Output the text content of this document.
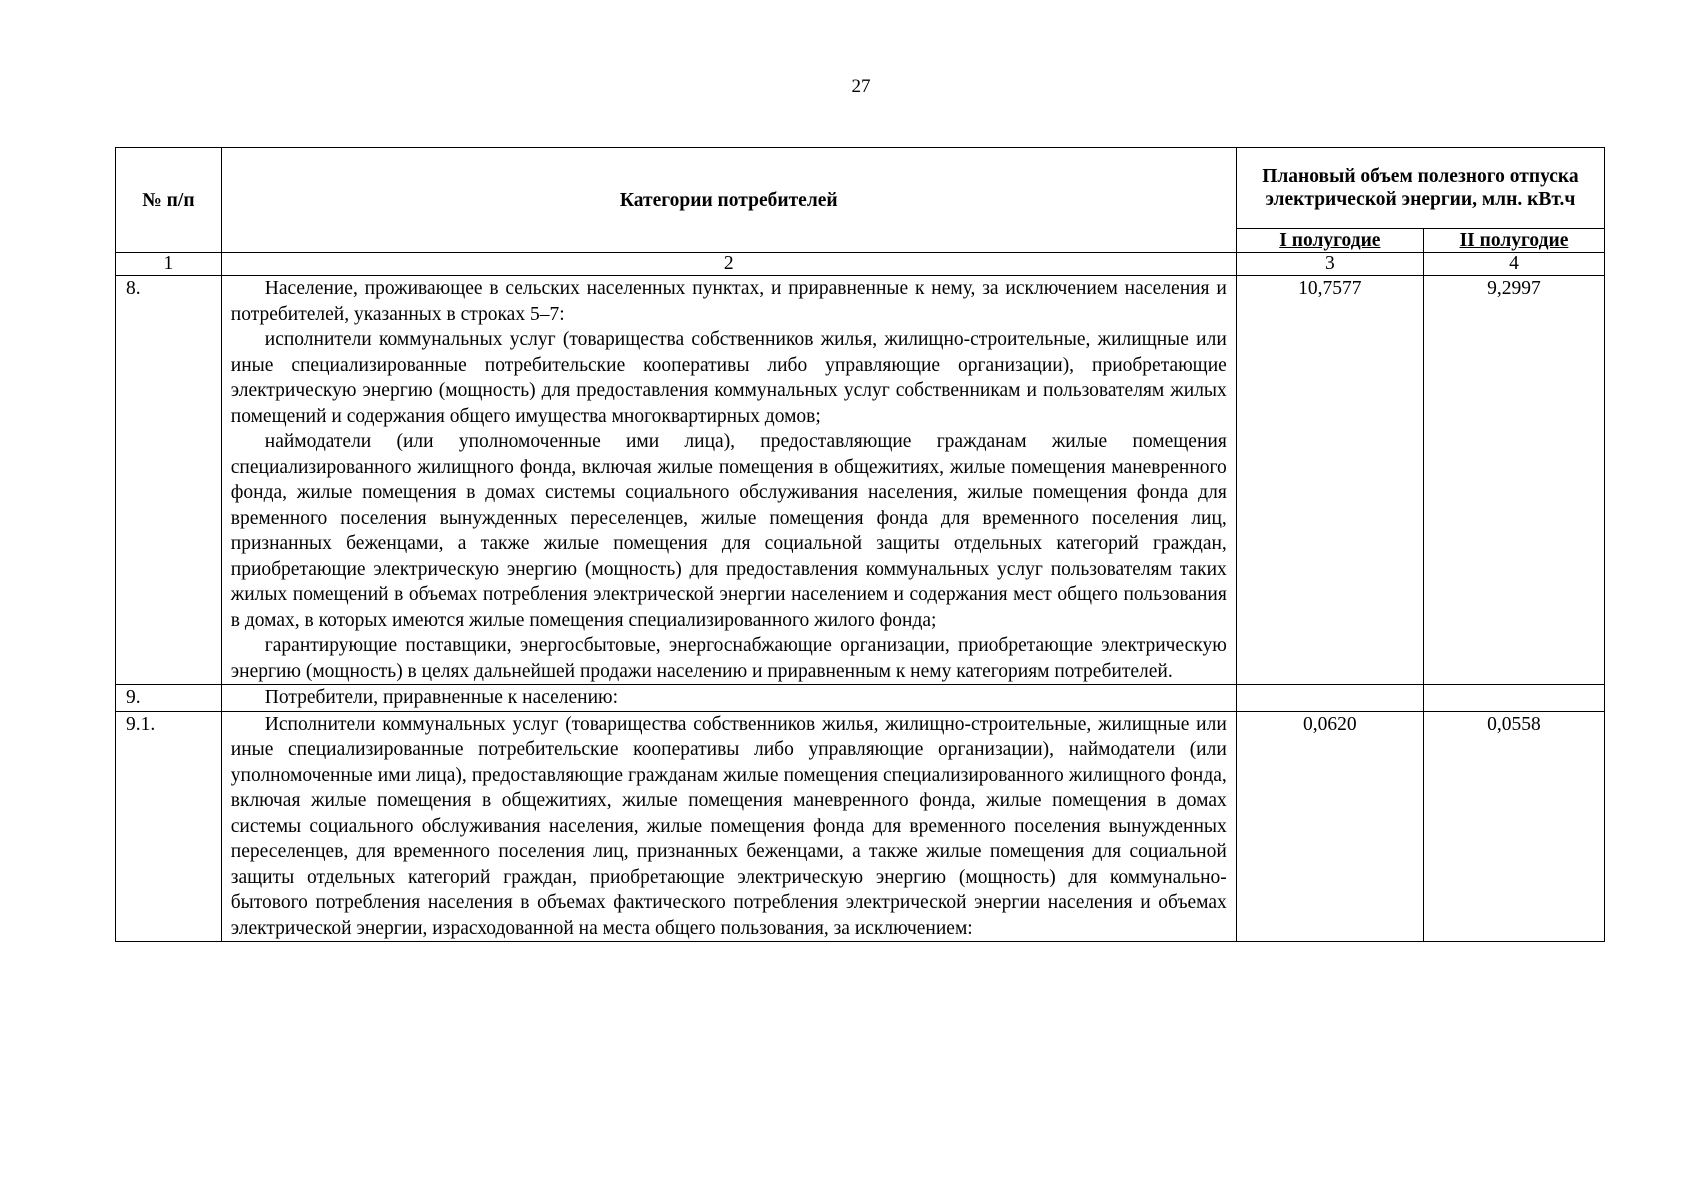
27
№ п/п	Категории потребителей	Плановый объем полезного отпуска электрической энергии, млн. кВт.ч	
		I полугодие	II полугодие
1	2	3	4
8.	Население, проживающее в сельских населенных пунктах, и приравненные к нему, за исключением населения и потребителей, указанных в строках 5–7:

исполнители коммунальных услуг (товарищества собственников жилья, жилищно-строительные, жилищные или иные специализированные потребительские кооперативы либо управляющие организации), приобретающие электрическую энергию (мощность) для предоставления коммунальных услуг собственникам и пользователям жилых помещений и содержания общего имущества многоквартирных домов;

наймодатели (или уполномоченные ими лица), предоставляющие гражданам жилые помещения специализированного жилищного фонда, включая жилые помещения в общежитиях, жилые помещения маневренного фонда, жилые помещения в домах системы социального обслуживания населения, жилые помещения фонда для временного поселения вынужденных переселенцев, жилые помещения фонда для временного поселения лиц, признанных беженцами, а также жилые помещения для социальной защиты отдельных категорий граждан, приобретающие электрическую энергию (мощность) для предоставления коммунальных услуг пользователям таких жилых помещений в объемах потребления электрической энергии населением и содержания мест общего пользования в домах, в которых имеются жилые помещения специализированного жилого фонда;

гарантирующие поставщики, энергосбытовые, энергоснабжающие организации, приобретающие электрическую энергию (мощность) в целях дальнейшей продажи населению и приравненным к нему категориям потребителей.	10,7577	9,2997
9.	Потребители, приравненные к населению:		

9.1.	Исполнители коммунальных услуг (товарищества собственников жилья, жилищно-строительные, жилищные или иные специализированные потребительские кооперативы либо управляющие организации), наймодатели (или уполномоченные ими лица), предоставляющие гражданам жилые помещения специализированного жилищного фонда, включая жилые помещения в общежитиях, жилые помещения маневренного фонда, жилые помещения в домах системы социального обслуживания населения, жилые помещения фонда для временного поселения вынужденных переселенцев, для временного поселения лиц, признанных беженцами, а также жилые помещения для социальной защиты отдельных категорий граждан, приобретающие электрическую энергию (мощность) для коммунально-бытового потребления населения в объемах фактического потребления электрической энергии населения и объемах электрической энергии, израсходованной на места общего пользования, за исключением:	0,0620	0,0558
